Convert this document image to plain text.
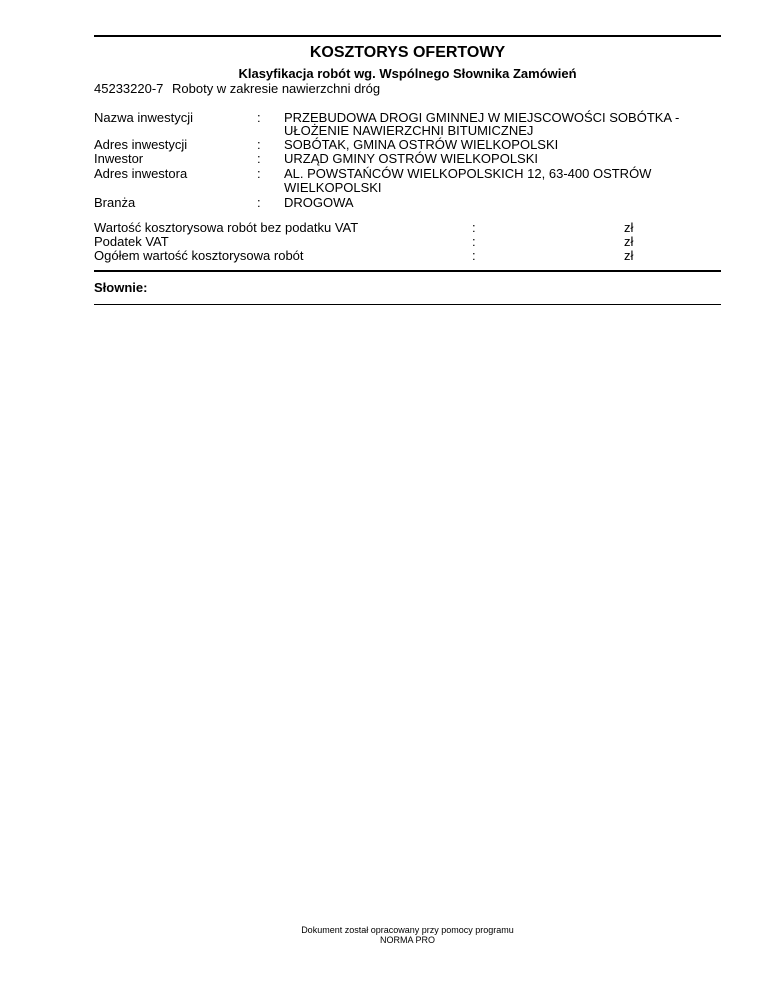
KOSZTORYS OFERTOWY
Klasyfikacja robót wg. Wspólnego Słownika Zamówień
45233220-7 Roboty w zakresie nawierzchni dróg
Nazwa inwestycji	: PRZEBUDOWA DROGI GMINNEJ W MIEJSCOWOŚCI SOBÓTKA -
UŁOŻENIE NAWIERZCHNI BITUMICZNEJ
Adres inwestycji	: SOBÓTAK, GMINA OSTRÓW WIELKOPOLSKI
Inwestor	: URZĄD GMINY OSTRÓW WIELKOPOLSKI
Adres inwestora	: AL. POWSTAŃCÓW WIELKOPOLSKICH 12, 63-400 OSTRÓW
WIELKOPOLSKI
Branża	: DROGOWA
Wartość kosztorysowa robót bez podatku VAT	:	zł
Podatek VAT	:	zł
Ogółem wartość kosztorysowa robót	:	zł
Słownie:
Dokument został opracowany przy pomocy programu
NORMA PRO
